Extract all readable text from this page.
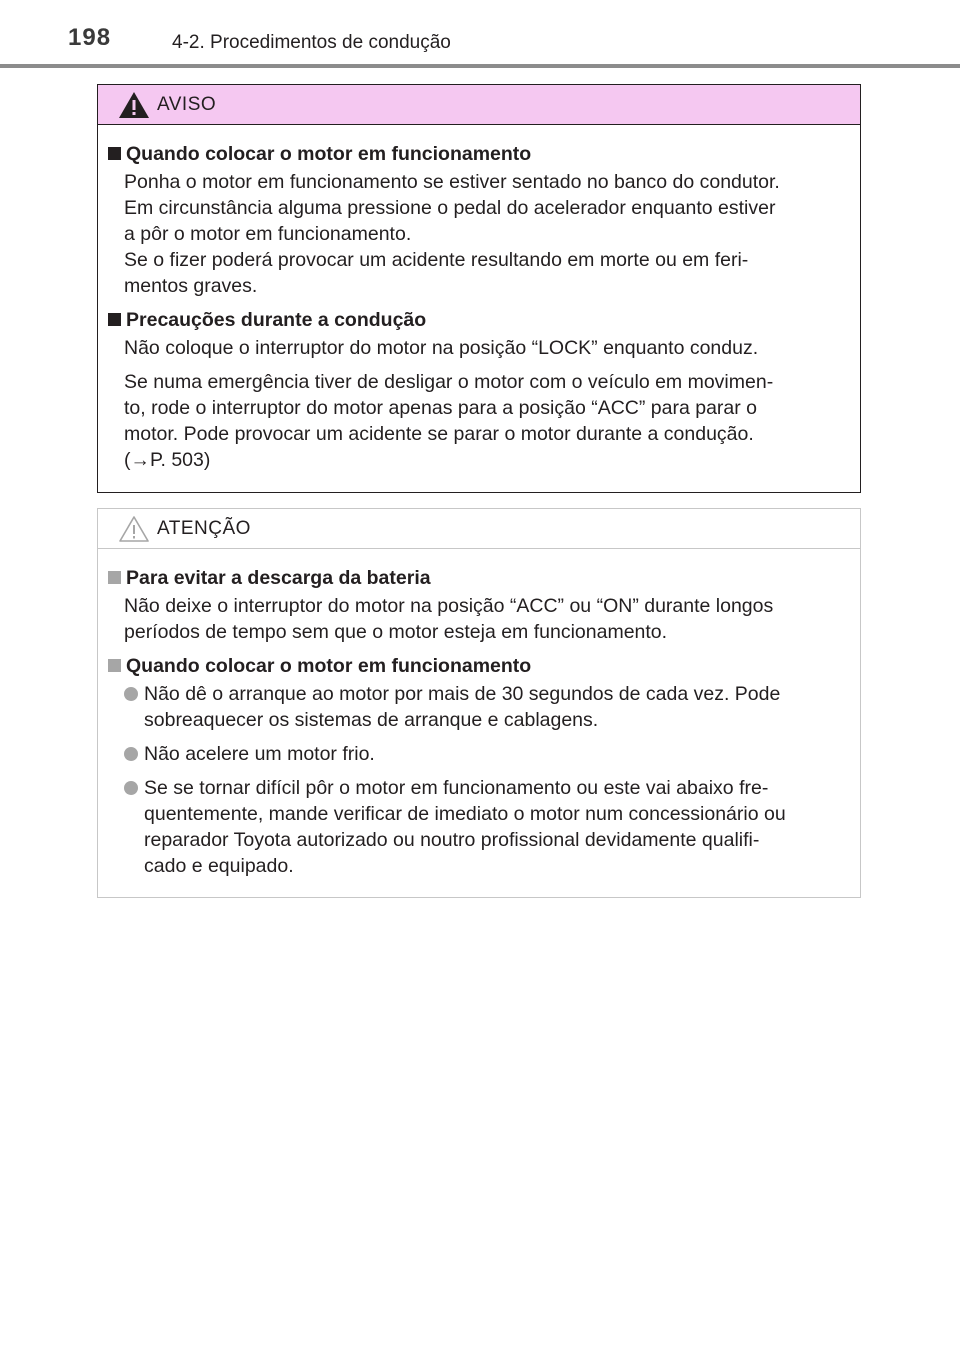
198	4-2. Procedimentos de condução
AVISO
Quando colocar o motor em funcionamento
Ponha o motor em funcionamento se estiver sentado no banco do condutor.
Em circunstância alguma pressione o pedal do acelerador enquanto estiver
a pôr o motor em funcionamento.
Se o fizer poderá provocar um acidente resultando em morte ou em feri-
mentos graves.
Precauções durante a condução
Não coloque o interruptor do motor na posição “LOCK” enquanto conduz.
Se numa emergência tiver de desligar o motor com o veículo em movimen-
to, rode o interruptor do motor apenas para a posição “ACC” para parar o
motor. Pode provocar um acidente se parar o motor durante a condução.
(→P. 503)
ATENÇÃO
Para evitar a descarga da bateria
Não deixe o interruptor do motor na posição “ACC” ou “ON” durante longos
períodos de tempo sem que o motor esteja em funcionamento.
Quando colocar o motor em funcionamento
Não dê o arranque ao motor por mais de 30 segundos de cada vez. Pode
sobreaquecer os sistemas de arranque e cablagens.
Não acelere um motor frio.
Se se tornar difícil pôr o motor em funcionamento ou este vai abaixo fre-
quentemente, mande verificar de imediato o motor num concessionário ou
reparador Toyota autorizado ou noutro profissional devidamente qualifi-
cado e equipado.
